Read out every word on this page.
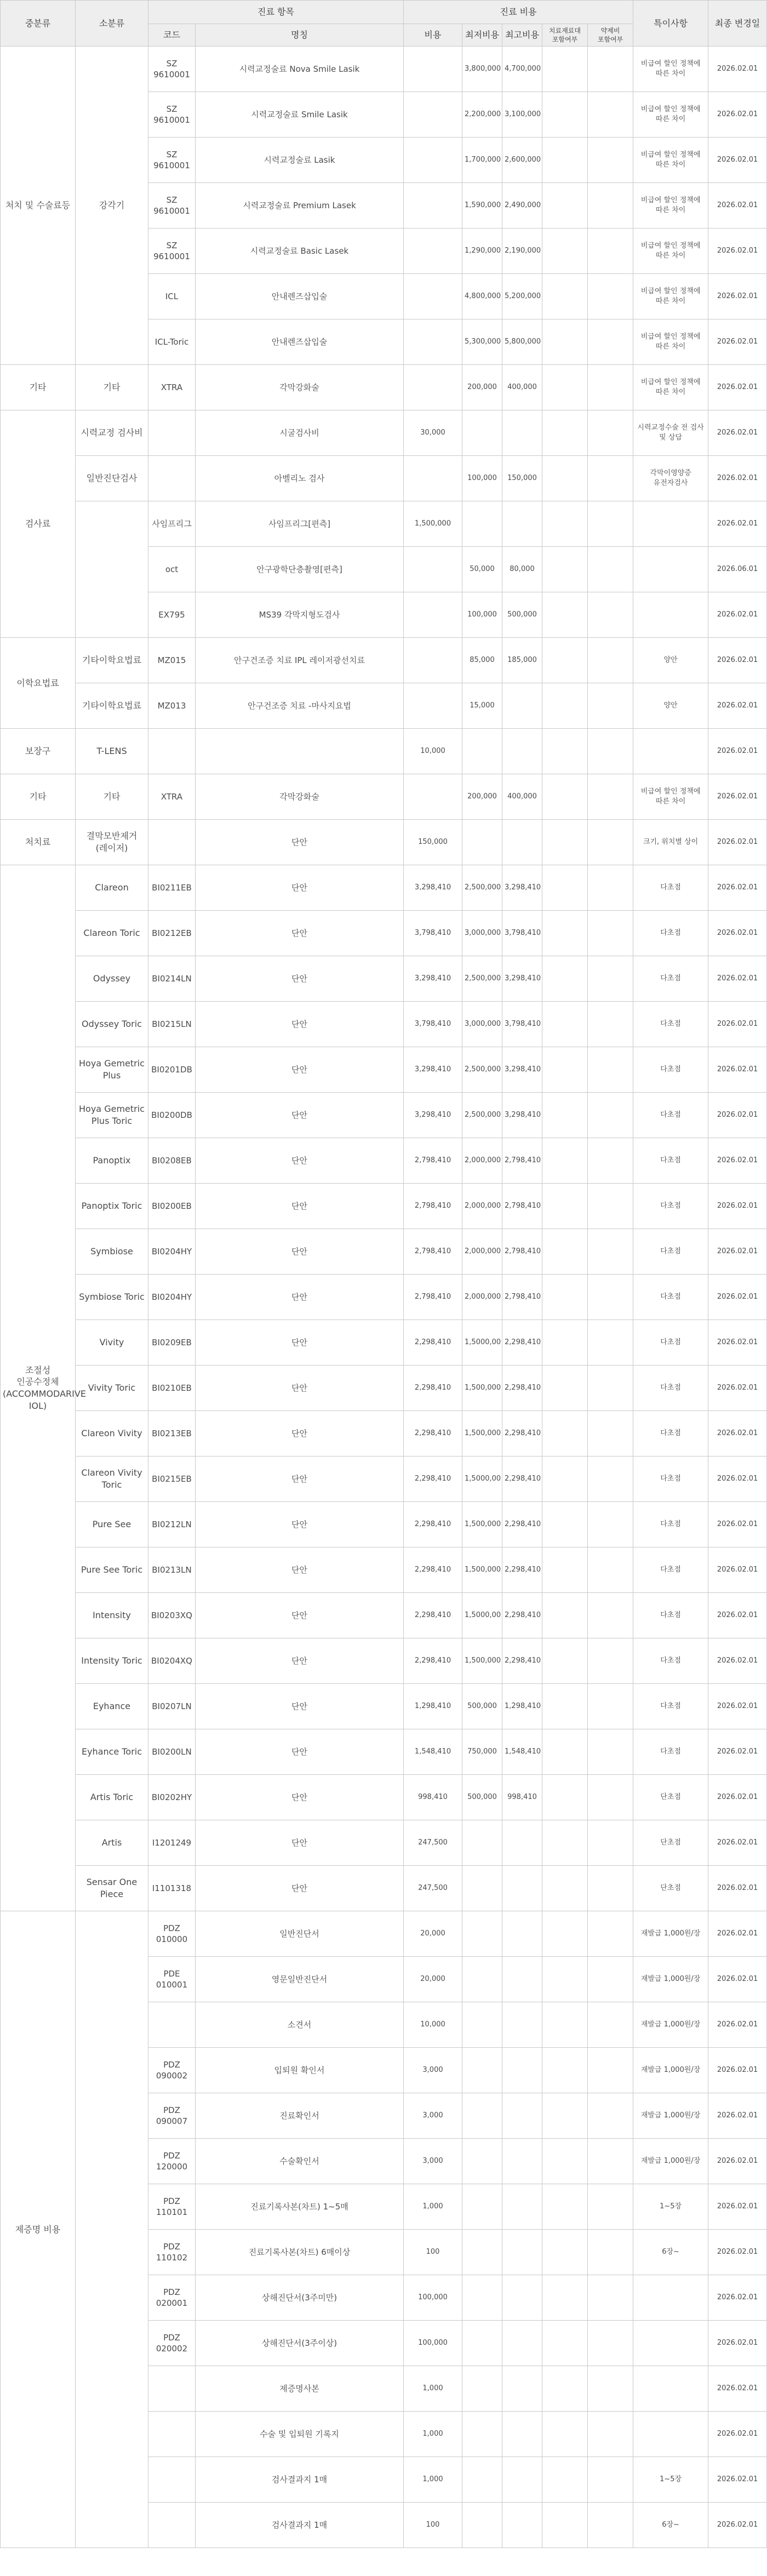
중분류	소분류	진료 항목		진료 비용					특이사항	최종 변경일
		코드	명칭	비용	최저비용	최고비용	치료재료대 포함여부	약제비 포함여부		
처치 및 수술료등	강각기	SZ 9610001	시력교정술료 Nova Smile Lasik		3,800,000	4,700,000			비급여 할인 정책에 따른 차이	2026.02.01
		SZ 9610001	시력교정술료 Smile Lasik		2,200,000	3,100,000			비급여 할인 정책에 따른 차이	2026.02.01
		SZ 9610001	시력교정술료 Lasik		1,700,000	2,600,000			비급여 할인 정책에 따른 차이	2026.02.01
		SZ 9610001	시력교정술료 Premium Lasek		1,590,000	2,490,000			비급여 할인 정책에 따른 차이	2026.02.01
		SZ 9610001	시력교정술료 Basic Lasek		1,290,000	2,190,000			비급여 할인 정책에 따른 차이	2026.02.01
		ICL	안내렌즈삽입술		4,800,000	5,200,000			비급여 할인 정책에 따른 차이	2026.02.01
		ICL-Toric	안내렌즈삽입술		5,300,000	5,800,000			비급여 할인 정책에 따른 차이	2026.02.01
기타	기타	XTRA	각막강화술		200,000	400,000			비급여 할인 정책에 따른 차이	2026.02.01
검사료	시력교정 검사비		시굴검사비	30,000					시력교정수술 전 검사 및 상담	2026.02.01
	일반진단검사		아벨리노 검사		100,000	150,000			각막이영양증 유전자검사	2026.02.01
		사임프리그	사임프리그[편측]	1,500,000						2026.02.01
		oct	안구광학단층촬영[편측]		50,000	80,000				2026.06.01
		EX795	MS39 각막지형도검사		100,000	500,000				2026.02.01
이학요법료	기타이학요법료	MZ015	안구건조증 치료 IPL 레이저광선치료		85,000	185,000			양안	2026.02.01
	기타이학요법료	MZ013	안구건조증 치료 -마사지요법		15,000				양안	2026.02.01
보장구	T-LENS			10,000						2026.02.01
기타	기타	XTRA	각막강화술		200,000	400,000			비급여 할인 정책에 따른 차이	2026.02.01
처치료	결막모반제거 (레이저)		단안	150,000					크기, 위치별 상이	2026.02.01
조절성 인공수정체 (ACCOMMODARIVE IOL)	Clareon	BI0211EB	단안	3,298,410	2,500,000	3,298,410			다초점	2026.02.01
	Clareon Toric	BI0212EB	단안	3,798,410	3,000,000	3,798,410			다초점	2026.02.01
	Odyssey	BI0214LN	단안	3,298,410	2,500,000	3,298,410			다초점	2026.02.01
	Odyssey Toric	BI0215LN	단안	3,798,410	3,000,000	3,798,410			다초점	2026.02.01
	Hoya Gemetric Plus	BI0201DB	단안	3,298,410	2,500,000	3,298,410			다초점	2026.02.01
	Hoya Gemetric Plus Toric	BI0200DB	단안	3,298,410	2,500,000	3,298,410			다초점	2026.02.01
	Panoptix	BI0208EB	단안	2,798,410	2,000,000	2,798,410			다초점	2026.02.01
	Panoptix Toric	BI0200EB	단안	2,798,410	2,000,000	2,798,410			다초점	2026.02.01
	Symbiose	BI0204HY	단안	2,798,410	2,000,000	2,798,410			다초점	2026.02.01
	Symbiose Toric	BI0204HY	단안	2,798,410	2,000,000	2,798,410			다초점	2026.02.01
	Vivity	BI0209EB	단안	2,298,410	1,5000,00	2,298,410			다초점	2026.02.01
	Vivity Toric	BI0210EB	단안	2,298,410	1,500,000	2,298,410			다초점	2026.02.01
	Clareon Vivity	BI0213EB	단안	2,298,410	1,500,000	2,298,410			다초점	2026.02.01
	Clareon Vivity Toric	BI0215EB	단안	2,298,410	1,5000,00	2,298,410			다초점	2026.02.01
	Pure See	BI0212LN	단안	2,298,410	1,500,000	2,298,410			다초점	2026.02.01
	Pure See Toric	BI0213LN	단안	2,298,410	1,500,000	2,298,410			다초점	2026.02.01
	Intensity	BI0203XQ	단안	2,298,410	1,5000,00	2,298,410			다초점	2026.02.01
	Intensity Toric	BI0204XQ	단안	2,298,410	1,500,000	2,298,410			다초점	2026.02.01
	Eyhance	BI0207LN	단안	1,298,410	500,000	1,298,410			다초점	2026.02.01
	Eyhance Toric	BI0200LN	단안	1,548,410	750,000	1,548,410			다초점	2026.02.01
	Artis Toric	BI0202HY	단안	998,410	500,000	998,410			단초점	2026.02.01
	Artis	I1201249	단안	247,500					단초점	2026.02.01
	Sensar One Piece	I1101318	단안	247,500					단초점	2026.02.01
제증명 비용		PDZ 010000	일반진단서	20,000					재발급 1,000원/장	2026.02.01
		PDE 010001	영문일반진단서	20,000					재발급 1,000원/장	2026.02.01
			소견서	10,000					재발급 1,000원/장	2026.02.01
		PDZ 090002	입퇴원 확인서	3,000					재발급 1,000원/장	2026.02.01
		PDZ 090007	진료확인서	3,000					재발급 1,000원/장	2026.02.01
		PDZ 120000	수술확인서	3,000					재발급 1,000원/장	2026.02.01
		PDZ 110101	진료기록사본(차트) 1~5매	1,000					1~5장	2026.02.01
		PDZ 110102	진료기록사본(차트) 6매이상	100					6장~	2026.02.01
		PDZ 020001	상해진단서(3주미만)	100,000						2026.02.01
		PDZ 020002	상해진단서(3주이상)	100,000						2026.02.01
			제증명사본	1,000						2026.02.01
			수술 및 입퇴원 기록지	1,000						2026.02.01
			검사결과지 1매	1,000					1~5장	2026.02.01
			검사결과지 1매	100					6장~	2026.02.01
